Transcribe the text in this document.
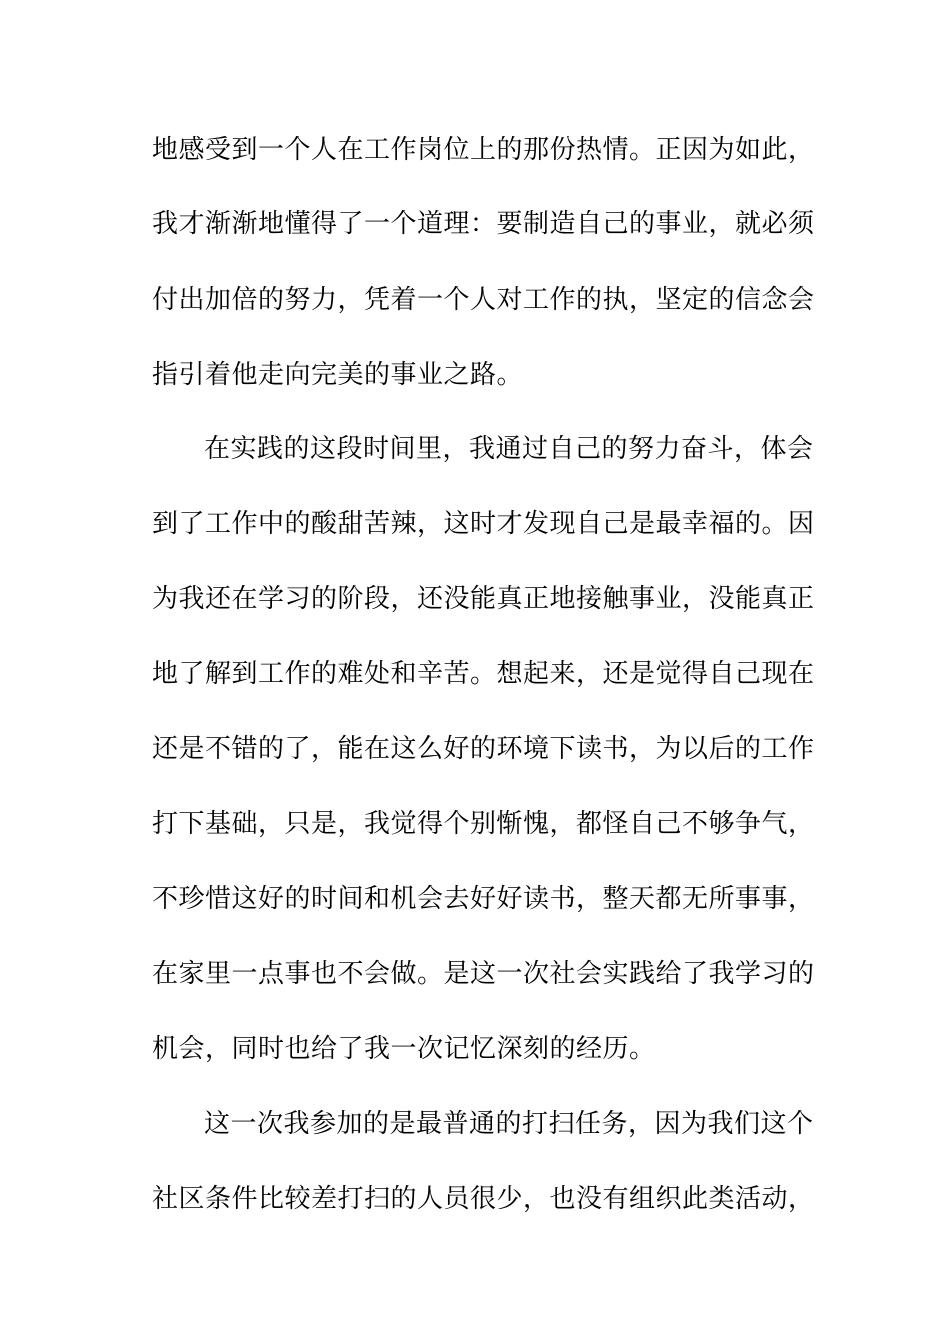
地感受到一个人在工作岗位上的那份热情。正因为如此，
我才渐渐地懂得了一个道理：要制造自己的事业，就必须
付出加倍的努力，凭着一个人对工作的执，坚定的信念会
指引着他走向完美的事业之路。
在实践的这段时间里，我通过自己的努力奋斗，体会
到了工作中的酸甜苦辣，这时才发现自己是最幸福的。因
为我还在学习的阶段，还没能真正地接触事业，没能真正
地了解到工作的难处和辛苦。想起来，还是觉得自己现在
还是不错的了，能在这么好的环境下读书，为以后的工作
打下基础，只是，我觉得个别惭愧，都怪自己不够争气，
不珍惜这好的时间和机会去好好读书，整天都无所事事，
在家里一点事也不会做。是这一次社会实践给了我学习的
机会，同时也给了我一次记忆深刻的经历。
这一次我参加的是最普通的打扫任务，因为我们这个
社区条件比较差打扫的人员很少，也没有组织此类活动，
